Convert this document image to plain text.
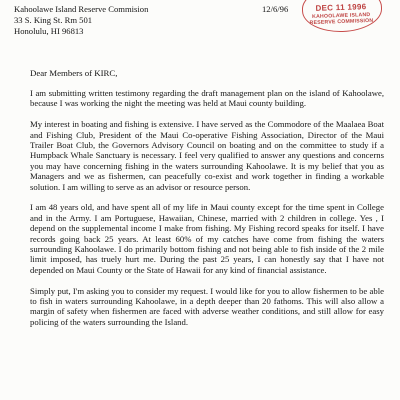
Kahoolawe Island Reserve Commision
33 S. King St. Rm 501
Honolulu, HI 96813
12/6/96	DEC 11 1996
KAHOOLAWE ISLAND
RESERVE COMMISSION
Dear Members of KIRC,

I am submitting written testimony regarding the draft management plan on the island of Kahoolawe, because I was working the night the meeting was held at Maui county building.

My interest in boating and fishing is extensive. I have served as the Commodore of the Maalaea Boat and Fishing Club, President of the Maui Co-operative Fishing Association, Director of the Maui Trailer Boat Club, the Governors Advisory Council on boating and on the committee to study if a Humpback Whale Sanctuary is necessary. I feel very qualified to answer any questions and concerns you may have concerning fishing in the waters surrounding Kahoolawe. It is my belief that you as Managers and we as fishermen, can peacefully co-exist and work together in finding a workable solution. I am willing to serve as an advisor or resource person.

I am 48 years old, and have spent all of my life in Maui county except for the time spent in College and in the Army. I am Portuguese, Hawaiian, Chinese, married with 2 children in college. Yes , I depend on the supplemental income I make from fishing. My Fishing record speaks for itself. I have records going back 25 years. At least 60% of my catches have come from fishing the waters surrounding Kahoolawe. I do primarily bottom fishing and not being able to fish inside of the 2 mile limit imposed, has truely hurt me. During the past 25 years, I can honestly say that I have not depended on Maui County or the State of Hawaii for any kind of financial assistance.

Simply put, I'm asking you to consider my request. I would like for you to allow fishermen to be able to fish in waters surrounding Kahoolawe, in a depth deeper than 20 fathoms. This will also allow a margin of safety when fishermen are faced with adverse weather conditions, and still allow for easy policing of the waters surrounding the Island.
